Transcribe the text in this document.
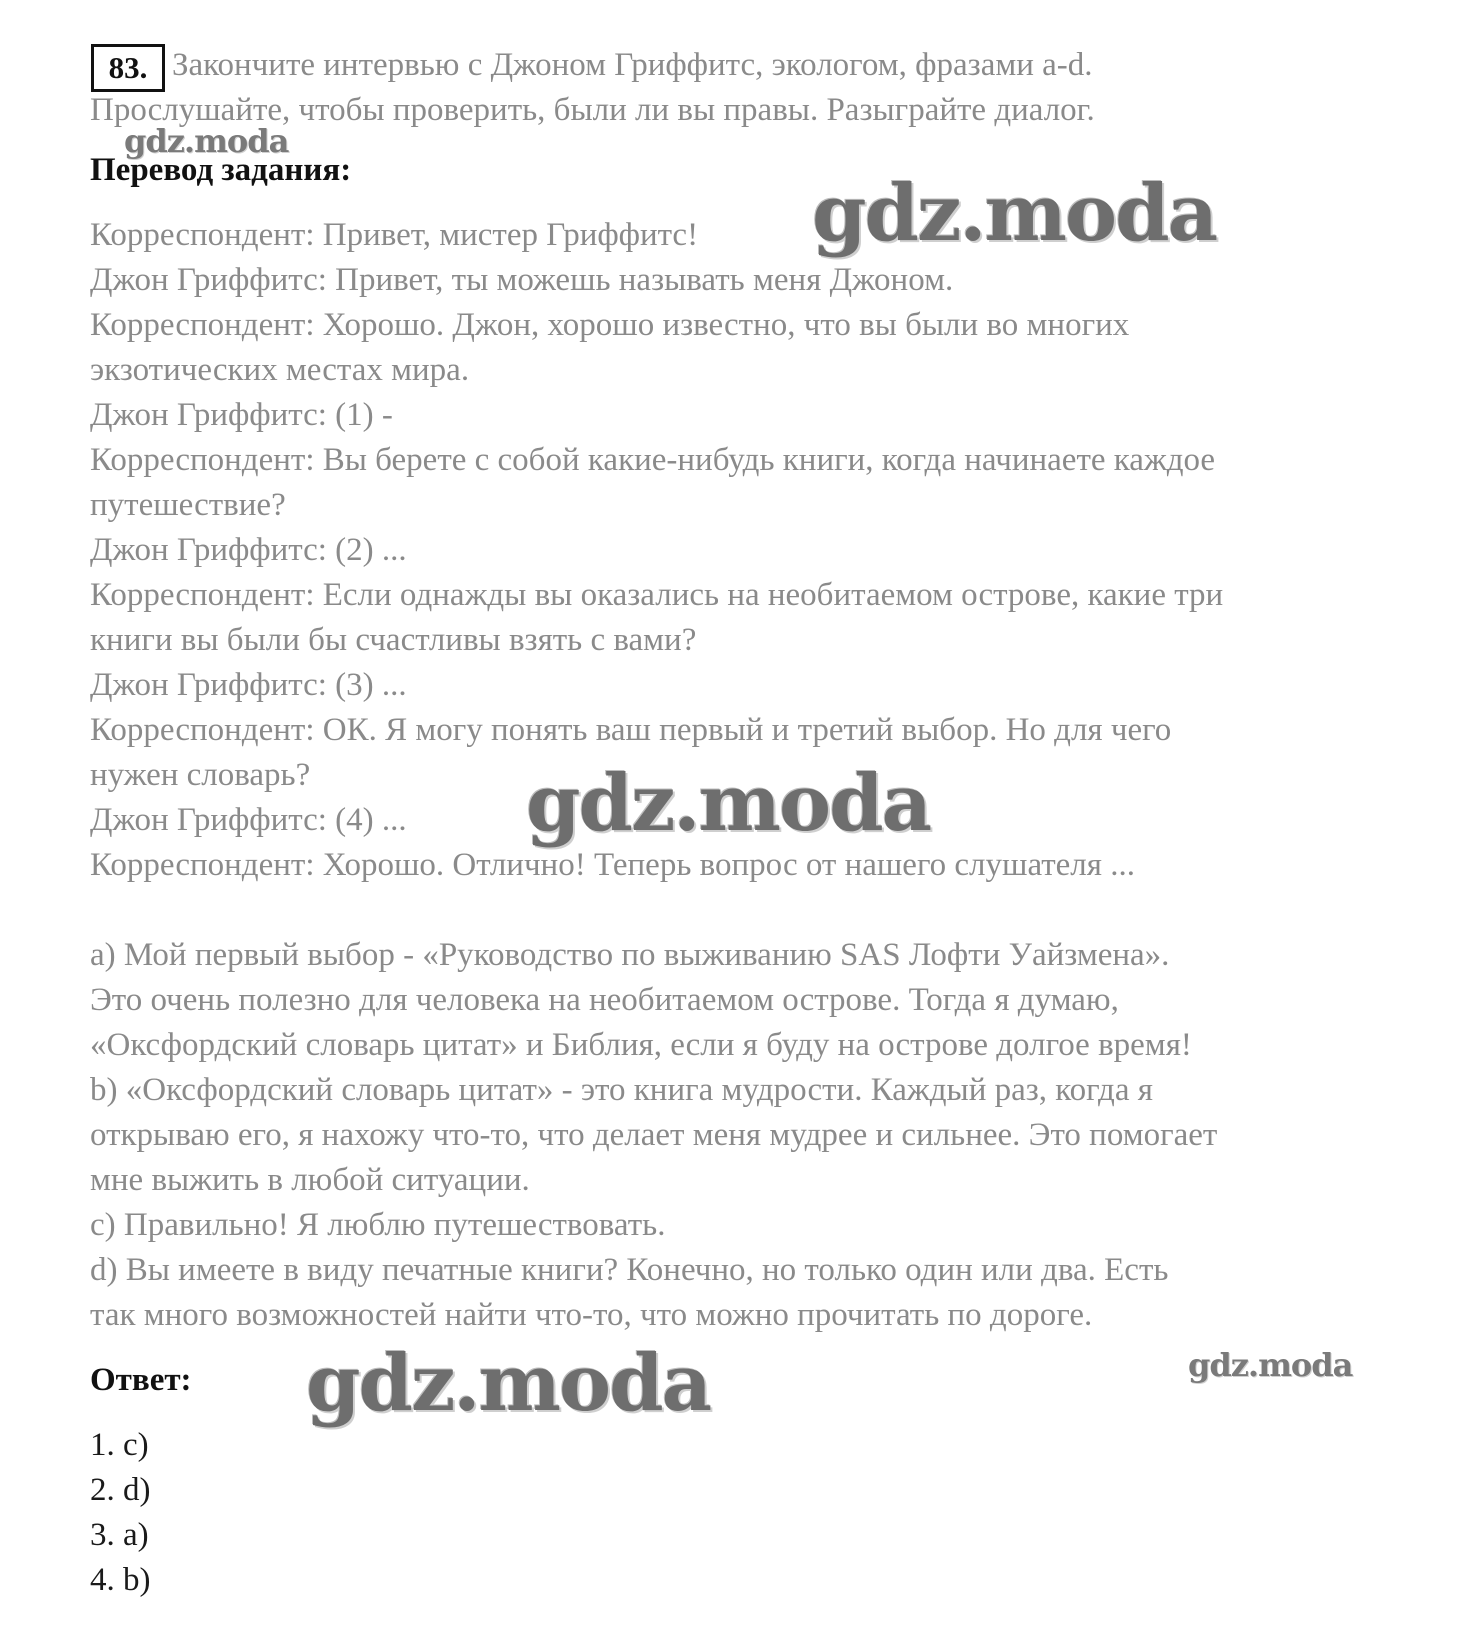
83. Закончите интервью с Джоном Гриффитс, экологом, фразами a-d.
Прослушайте, чтобы проверить, были ли вы правы. Разыграйте диалог.
Перевод задания:
Корреспондент: Привет, мистер Гриффитс!
Джон Гриффитс: Привет, ты можешь называть меня Джоном.
Корреспондент: Хорошо. Джон, хорошо известно, что вы были во многих
экзотических местах мира.
Джон Гриффитс: (1) -
Корреспондент: Вы берете с собой какие-нибудь книги, когда начинаете каждое
путешествие?
Джон Гриффитс: (2) ...
Корреспондент: Если однажды вы оказались на необитаемом острове, какие три
книги вы были бы счастливы взять с вами?
Джон Гриффитс: (3) ...
Корреспондент: ОК. Я могу понять ваш первый и третий выбор. Но для чего
нужен словарь?
Джон Гриффитс: (4) ...
Корреспондент: Хорошо. Отлично! Теперь вопрос от нашего слушателя ...
a) Мой первый выбор - «Руководство по выживанию SAS Лофти Уайзмена».
Это очень полезно для человека на необитаемом острове. Тогда я думаю,
«Оксфордский словарь цитат» и Библия, если я буду на острове долгое время!
b) «Оксфордский словарь цитат» - это книга мудрости. Каждый раз, когда я
открываю его, я нахожу что-то, что делает меня мудрее и сильнее. Это помогает
мне выжить в любой ситуации.
c) Правильно! Я люблю путешествовать.
d) Вы имеете в виду печатные книги? Конечно, но только один или два. Есть
так много возможностей найти что-то, что можно прочитать по дороге.
Ответ:
1. c)
2. d)
3. a)
4. b)
gdz.moda
gdz.moda
gdz.moda
gdz.moda	gdz.moda
